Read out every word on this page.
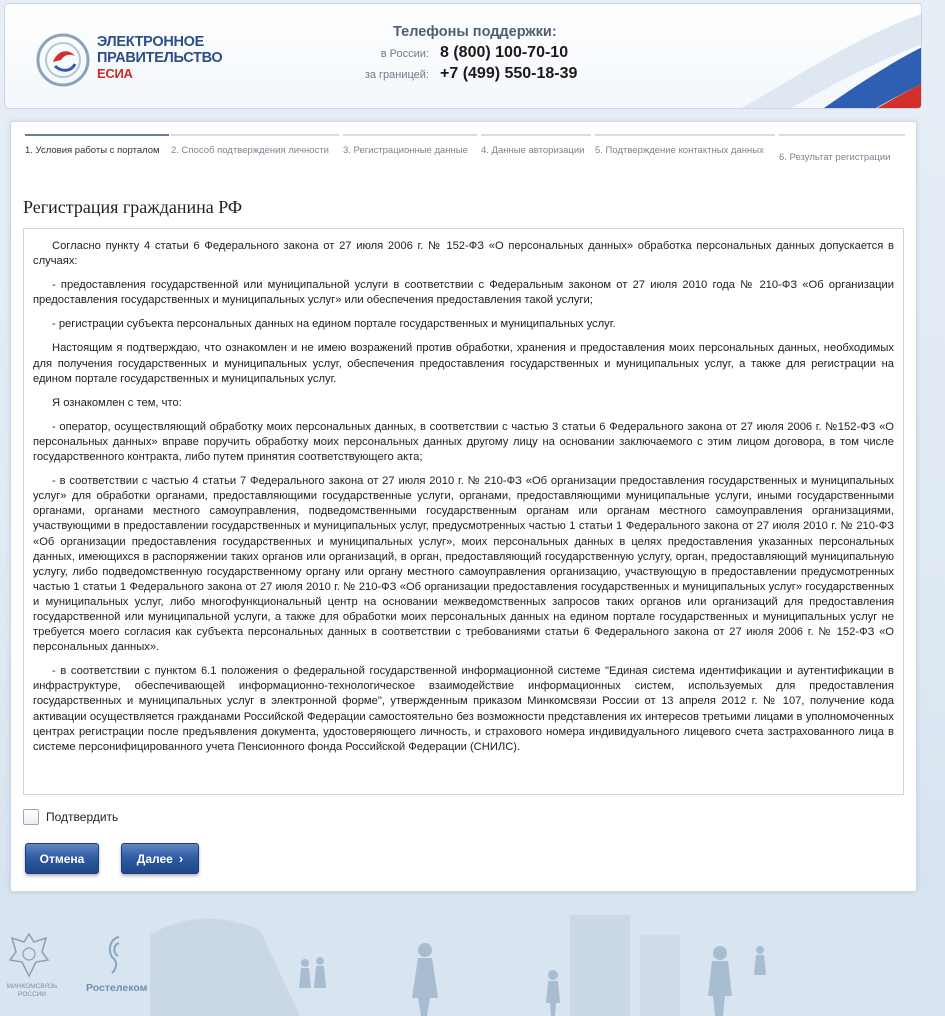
ЭЛЕКТРОННОЕ
ПРАВИТЕЛЬСТВО
ЕСИА
Телефоны поддержки:
в России: 8 (800) 100-70-10
за границей: +7 (499) 550-18-39
1. Условия работы с порталом	2. Способ подтверждения личности	3. Регистрационные данные	4. Данные авторизации	5. Подтверждение контактных данных
6. Результат регистрации
Регистрация гражданина РФ

Согласно пункту 4 статьи 6 Федерального закона от 27 июля 2006 г. № 152-ФЗ «О персональных данных» обработка персональных данных допускается в случаях:

- предоставления государственной или муниципальной услуги в соответствии с Федеральным законом от 27 июля 2010 года № 210-ФЗ «Об организации предоставления государственных и муниципальных услуг» или обеспечения предоставления такой услуги;

- регистрации субъекта персональных данных на едином портале государственных и муниципальных услуг.

Настоящим я подтверждаю, что ознакомлен и не имею возражений против обработки, хранения и предоставления моих персональных данных, необходимых для получения государственных и муниципальных услуг, обеспечения предоставления государственных и муниципальных услуг, а также для регистрации на едином портале государственных и муниципальных услуг.

Я ознакомлен с тем, что:

- оператор, осуществляющий обработку моих персональных данных, в соответствии с частью 3 статьи 6 Федерального закона от 27 июля 2006 г. №152-ФЗ «О персональных данных» вправе поручить обработку моих персональных данных другому лицу на основании заключаемого с этим лицом договора, в том числе государственного контракта, либо путем принятия соответствующего акта;

- в соответствии с частью 4 статьи 7 Федерального закона от 27 июля 2010 г. № 210-ФЗ «Об организации предоставления государственных и муниципальных услуг» для обработки органами, предоставляющими государственные услуги, органами, предоставляющими муниципальные услуги, иными государственными органами, органами местного самоуправления, подведомственными государственным органам или органам местного самоуправления организациями, участвующими в предоставлении государственных и муниципальных услуг, предусмотренных частью 1 статьи 1 Федерального закона от 27 июля 2010 г. № 210-ФЗ «Об организации предоставления государственных и муниципальных услуг», моих персональных данных в целях предоставления указанных персональных данных, имеющихся в распоряжении таких органов или организаций, в орган, предоставляющий государственную услугу, орган, предоставляющий муниципальную услугу, либо подведомственную государственному органу или органу местного самоуправления организацию, участвующую в предоставлении предусмотренных частью 1 статьи 1 Федерального закона от 27 июля 2010 г. № 210-ФЗ «Об организации предоставления государственных и муниципальных услуг» государственных и муниципальных услуг, либо многофункциональный центр на основании межведомственных запросов таких органов или организаций для предоставления государственной или муниципальной услуги, а также для обработки моих персональных данных на едином портале государственных и муниципальных услуг не требуется моего согласия как субъекта персональных данных в соответствии с требованиями статьи 6 Федерального закона от 27 июля 2006 г. № 152-ФЗ «О персональных данных».

- в соответствии с пунктом 6.1 положения о федеральной государственной информационной системе "Единая система идентификации и аутентификации в инфраструктуре, обеспечивающей информационно-технологическое взаимодействие информационных систем, используемых для предоставления государственных и муниципальных услуг в электронной форме", утвержденным приказом Минкомсвязи России от 13 апреля 2012 г. № 107, получение кода активации осуществляется гражданами Российской Федерации самостоятельно без возможности представления их интересов третьими лицами в уполномоченных центрах регистрации после предъявления документа, удостоверяющего личность, и страхового номера индивидуального лицевого счета застрахованного лица в системе персонифицированного учета Пенсионного фонда Российской Федерации (СНИЛС).

Подтвердить
Отмена	Далее ›
МИНКОМСВЯЗЬ
РОССИИ
Ростелеком
